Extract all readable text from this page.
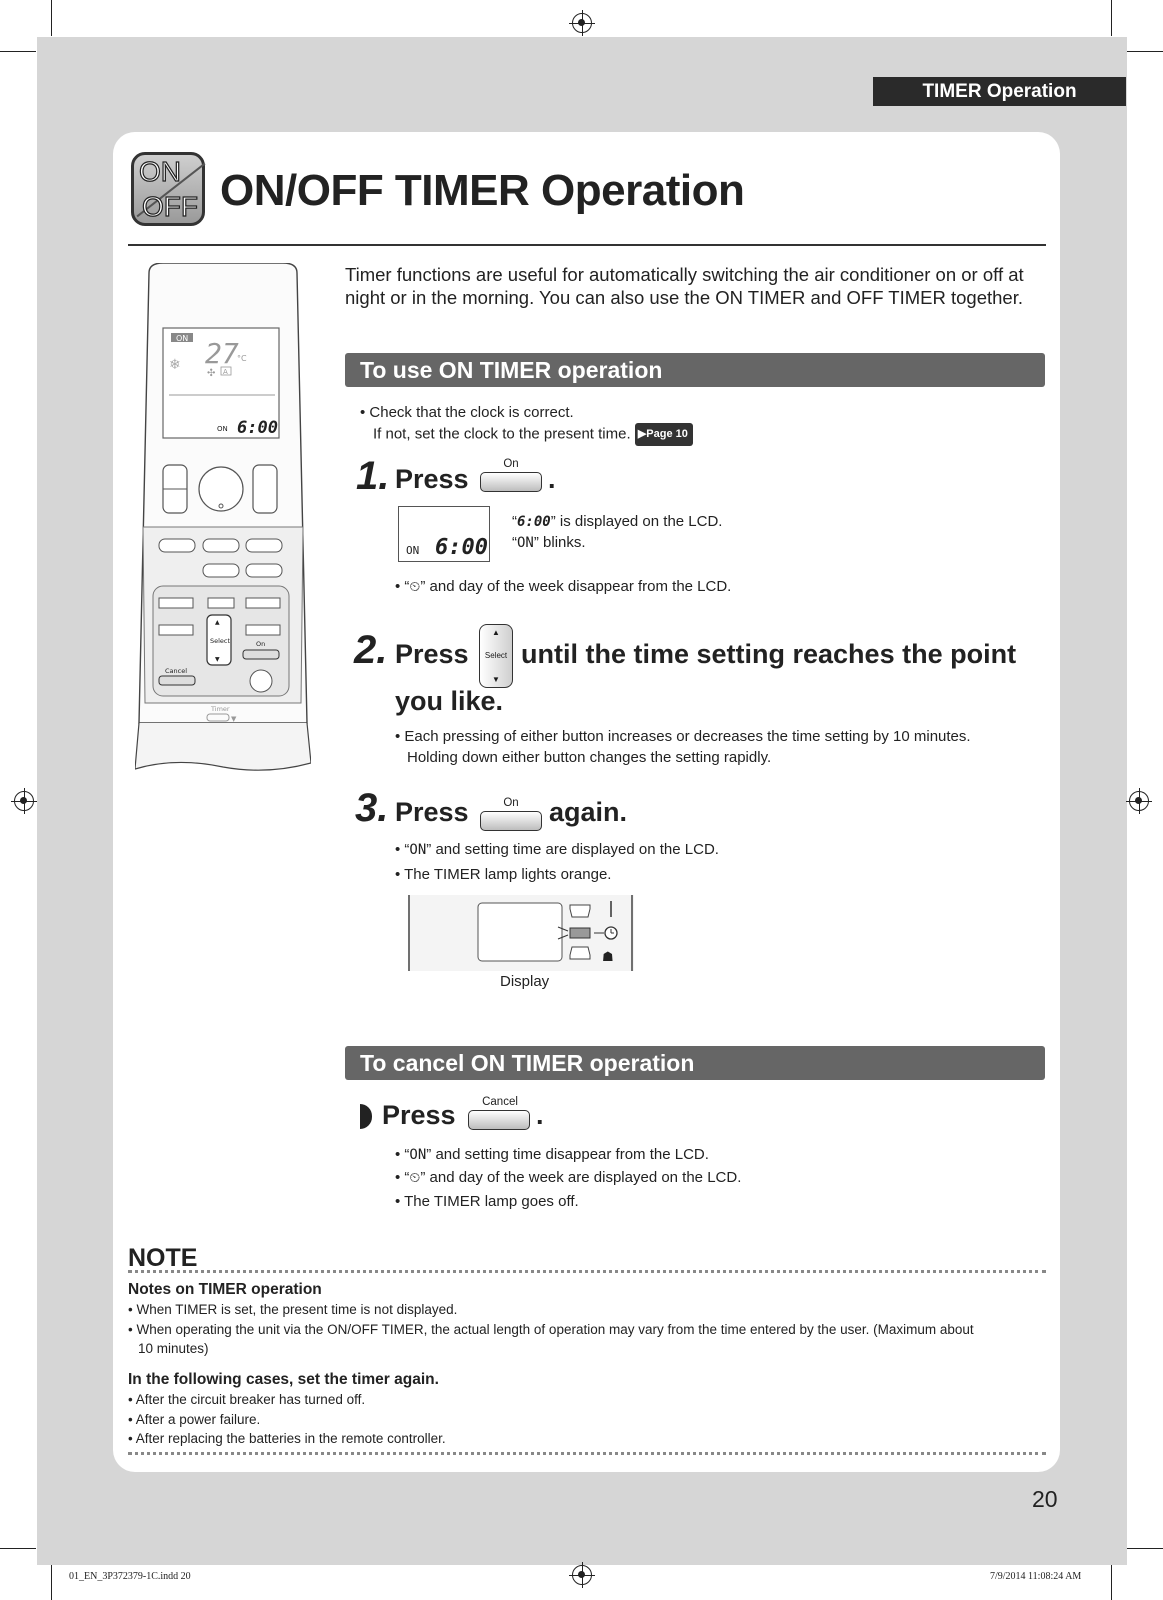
TIMER Operation
ON
OFF ON/OFF TIMER Operation
ON
❄ 27
°C
✣ A
ON 6:00
▲
Select
▼
On
Cancel
Timer
▼
Timer functions are useful for automatically switching the air conditioner on or off at night or in the morning. You can also use the ON TIMER and OFF TIMER together.
To use ON TIMER operation
• Check that the clock is correct.
If not, set the clock to the present time. ▶Page 10
1. Press	On	.
ON 6:00
“6:00” is displayed on the LCD.
“ON” blinks.
• “⏲” and day of the week disappear from the LCD.
2. Press
▲
Select
▼
until the time setting reaches the point
you like.
• Each pressing of either button increases or decreases the time setting by 10 minutes.
Holding down either button changes the setting rapidly.
3. Press	On	again.
• “ON” and setting time are displayed on the LCD.
• The TIMER lamp lights orange.
☗
Display
To cancel ON TIMER operation
Press	Cancel .
• “ON” and setting time disappear from the LCD.
• “⏲” and day of the week are displayed on the LCD.
• The TIMER lamp goes off.
NOTE
Notes on TIMER operation
• When TIMER is set, the present time is not displayed.
• When operating the unit via the ON/OFF TIMER, the actual length of operation may vary from the time entered by the user. (Maximum about
10 minutes)
In the following cases, set the timer again.
• After the circuit breaker has turned off.
• After a power failure.
• After replacing the batteries in the remote controller.
20
01_EN_3P372379-1C.indd 20	7/9/2014 11:08:24 AM
